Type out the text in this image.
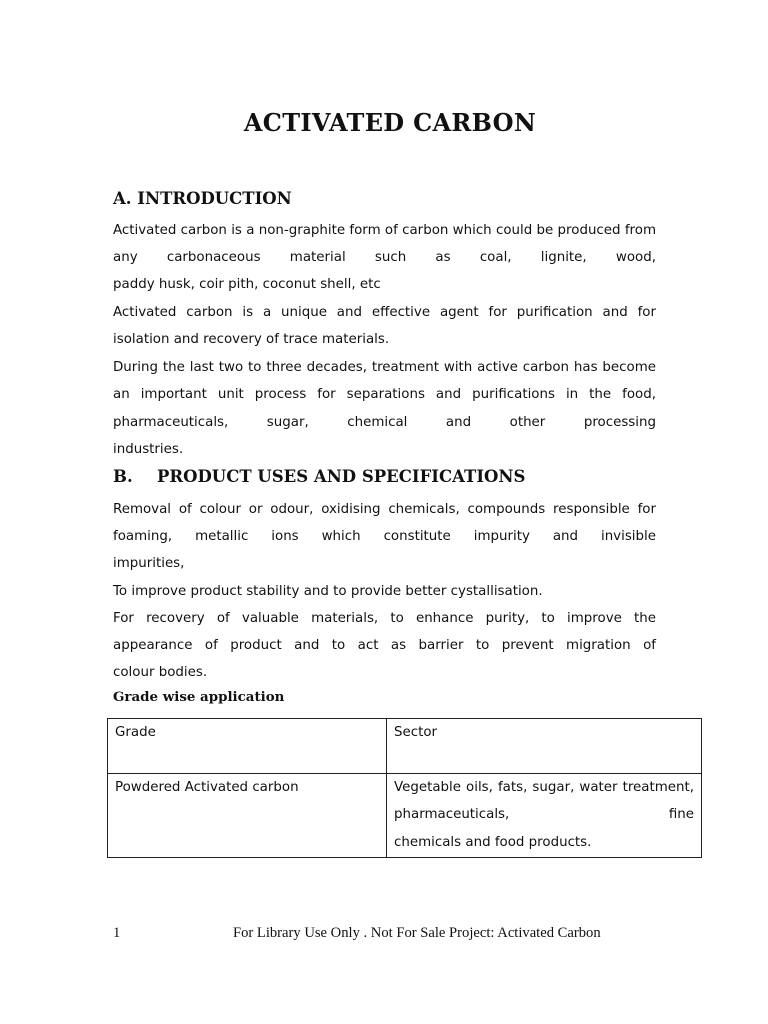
ACTIVATED CARBON
A. INTRODUCTION

Activated carbon is a non-graphite form of carbon which could be produced from any carbonaceous material such as coal, lignite, wood,

paddy husk, coir pith, coconut shell, etc

Activated carbon is a unique and effective agent for purification and for

isolation and recovery of trace materials.

During the last two to three decades, treatment with active carbon has become an important unit process for separations and purifications in the food, pharmaceuticals, sugar, chemical and other processing

industries.

B. PRODUCT USES AND SPECIFICATIONS

Removal of colour or odour, oxidising chemicals, compounds responsible for foaming, metallic ions which constitute impurity and invisible

impurities,

To improve product stability and to provide better cystallisation.

For recovery of valuable materials, to enhance purity, to improve the appearance of product and to act as barrier to prevent migration of

colour bodies.

Grade wise application
Grade	Sector
Powdered Activated carbon	Vegetable oils, fats, sugar, water treatment, pharmaceuticals, fine
chemicals and food products.
1	For Library Use Only . Not For Sale Project: Activated Carbon
